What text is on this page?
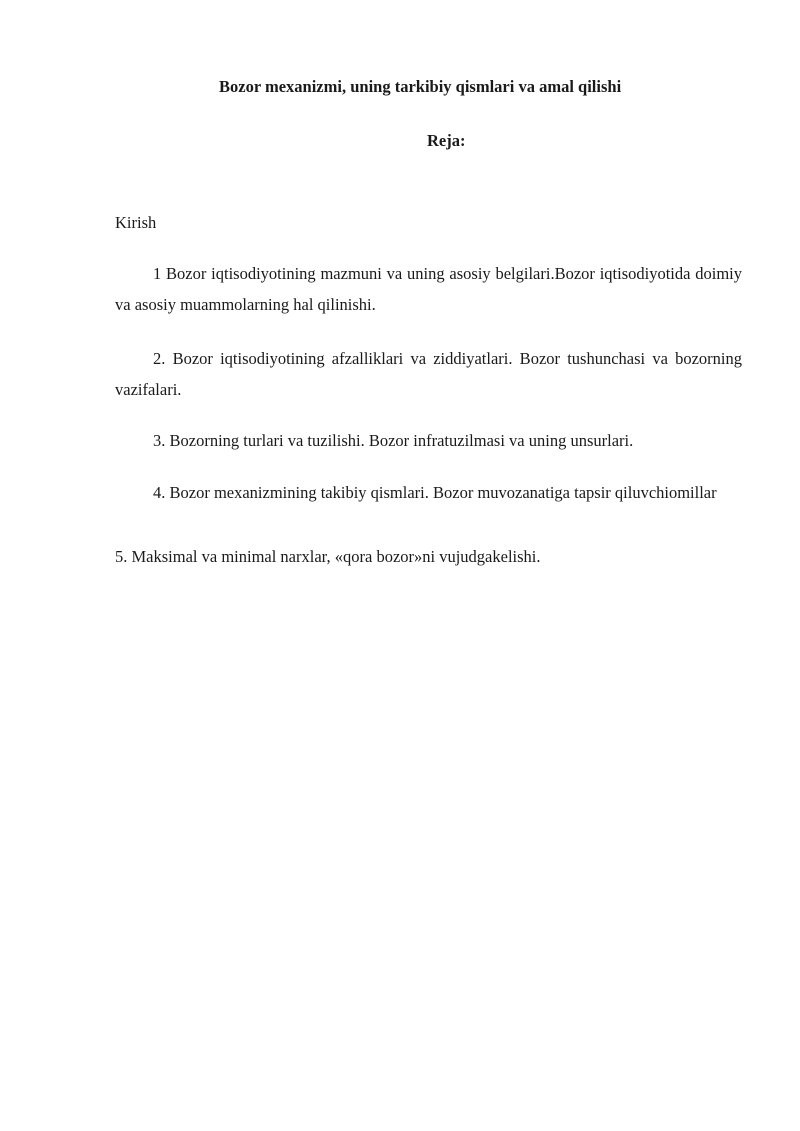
Bozor mexanizmi, uning tarkibiy qismlari va amal qilishi
Reja:
Kirish

1 Bozor iqtisodiyotining mazmuni va uning asosiy belgilari.Bozor iqtisodiyotida doimiy va asosiy muammolarning hal qilinishi.

2. Bozor iqtisodiyotining afzalliklari va ziddiyatlari. Bozor tushunchasi va bozorning vazifalari.

3. Bozorning turlari va tuzilishi. Bozor infratuzilmasi va uning unsurlari.

4. Bozor mexanizmining takibiy qismlari. Bozor muvozanatiga tapsir qiluvchiomillar

5. Maksimal va minimal narxlar, «qora bozor»ni vujudgakelishi.
